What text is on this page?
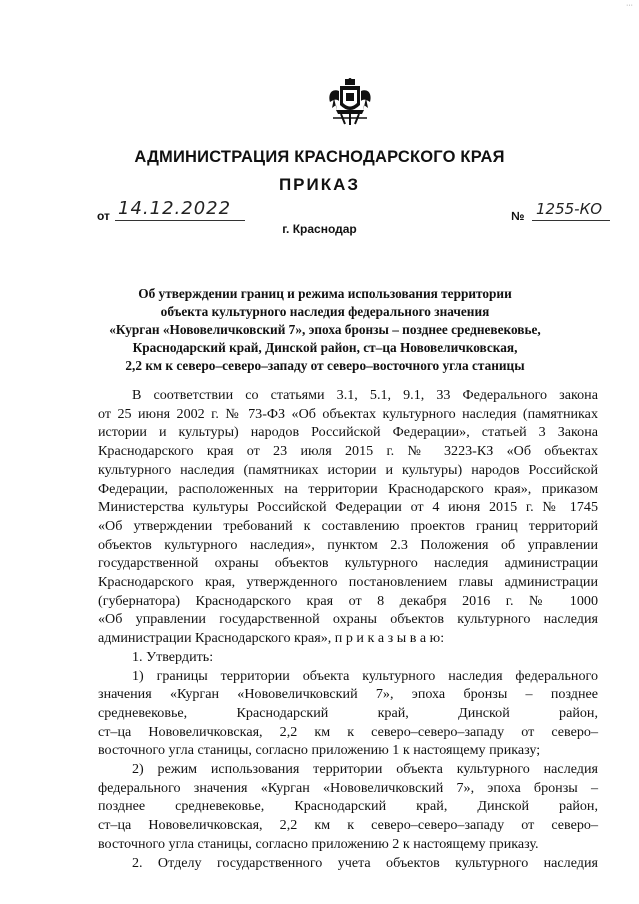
···
АДМИНИСТРАЦИЯ КРАСНОДАРСКОГО КРАЯ
ПРИКАЗ
от 14.12.2022	№ 1255-КО
г. Краснодар
Об утверждении границ и режима использования территории
объекта культурного наследия федерального значения
«Курган «Нововеличковский 7», эпоха бронзы – позднее средневековье,
Краснодарский край, Динской район, ст–ца Нововеличковская,
2,2 км к северо–северо–западу от северо–восточного угла станицы
В соответствии со статьями 3.1, 5.1, 9.1, 33 Федерального закона
от 25 июня 2002 г. № 73-ФЗ «Об объектах культурного наследия (памятниках
истории и культуры) народов Российской Федерации», статьей 3 Закона
Краснодарского края от 23 июля 2015 г. № 3223-КЗ «Об объектах
культурного наследия (памятниках истории и культуры) народов Российской
Федерации, расположенных на территории Краснодарского края», приказом
Министерства культуры Российской Федерации от 4 июня 2015 г. № 1745
«Об утверждении требований к составлению проектов границ территорий
объектов культурного наследия», пунктом 2.3 Положения об управлении
государственной охраны объектов культурного наследия администрации
Краснодарского края, утвержденного постановлением главы администрации
(губернатора) Краснодарского края от 8 декабря 2016 г. № 1000
«Об управлении государственной охраны объектов культурного наследия
администрации Краснодарского края», п р и к а з ы в а ю:
1. Утвердить:
1) границы территории объекта культурного наследия федерального
значения «Курган «Нововеличковский 7», эпоха бронзы – позднее
средневековье, Краснодарский край, Динской район,
ст–ца Нововеличковская, 2,2 км к северо–северо–западу от северо–
восточного угла станицы, согласно приложению 1 к настоящему приказу;
2) режим использования территории объекта культурного наследия
федерального значения «Курган «Нововеличковский 7», эпоха бронзы –
позднее средневековье, Краснодарский край, Динской район,
ст–ца Нововеличковская, 2,2 км к северо–северо–западу от северо–
восточного угла станицы, согласно приложению 2 к настоящему приказу.
2. Отделу государственного учета объектов культурного наследия
